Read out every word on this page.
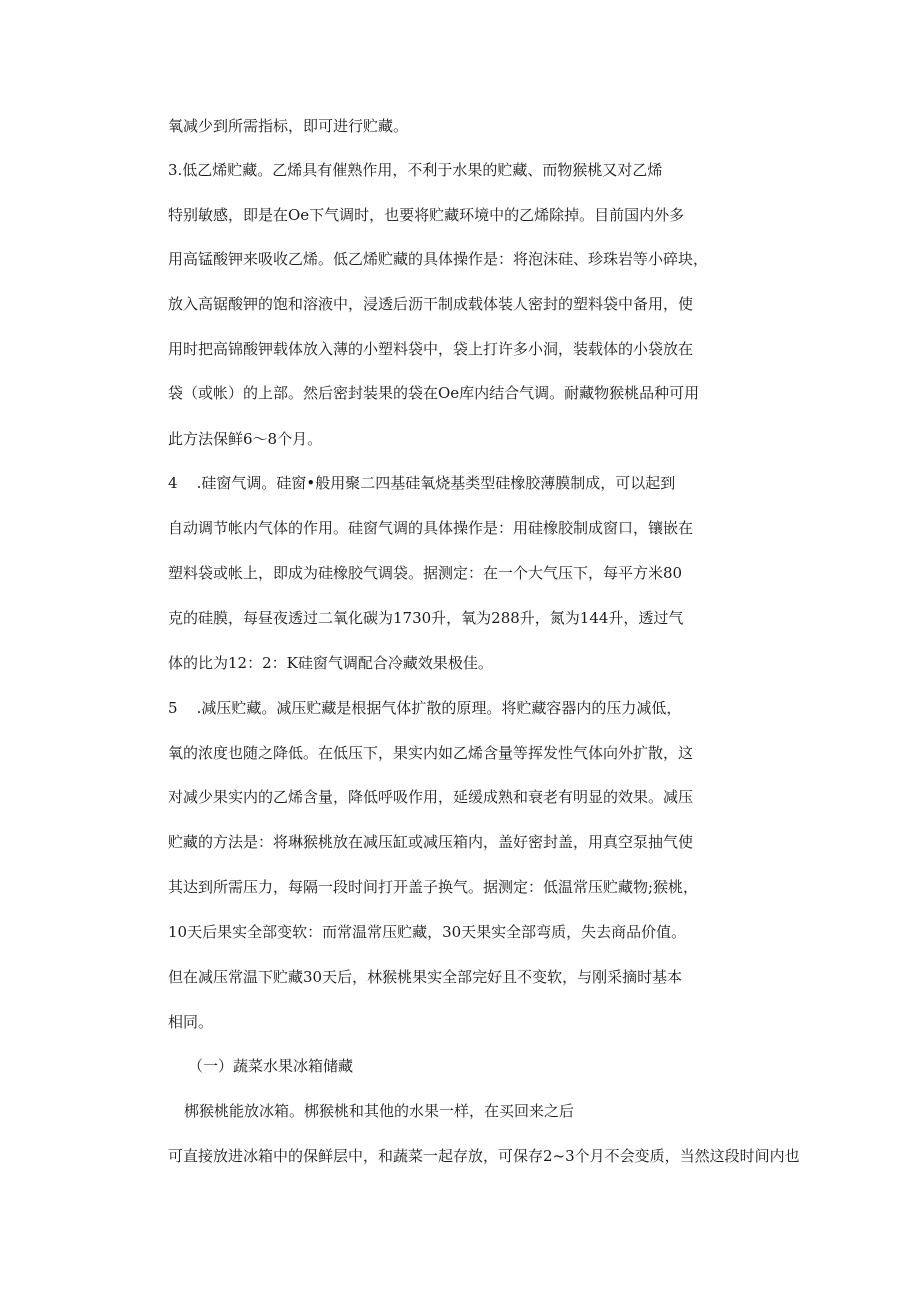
氧减少到所需指标，即可进行贮藏。
3.低乙烯贮藏。乙烯具有催熟作用，不利于水果的贮藏、而物猴桃又对乙烯
特别敏感，即是在Oe下气调时，也要将贮藏环境中的乙烯除掉。目前国内外多
用高锰酸钾来吸收乙烯。低乙烯贮藏的具体操作是：将泡沫硅、珍珠岩等小碎块，
放入高锯酸钾的饱和溶液中，浸透后沥干制成载体装人密封的塑料袋中备用，使
用时把高锦酸钾载体放入薄的小塑料袋中，袋上打许多小洞，装载体的小袋放在
袋（或帐）的上部。然后密封装果的袋在Oe库内结合气调。耐藏物猴桃品种可用
此方法保鲜6～8个月。
4    .硅窗气调。硅窗•般用聚二四基硅氧烧基类型硅橡胶薄膜制成，可以起到
自动调节帐内气体的作用。硅窗气调的具体操作是：用硅橡胶制成窗口，镶嵌在
塑料袋或帐上，即成为硅橡胶气调袋。据测定：在一个大气压下，每平方米80
克的硅膜，每昼夜透过二氧化碳为1730升，氧为288升，氮为144升，透过气
体的比为12：2：K硅窗气调配合冷藏效果极佳。
5    .减压贮藏。减压贮藏是根据气体扩散的原理。将贮藏容器内的压力减低，
氧的浓度也随之降低。在低压下，果实内如乙烯含量等挥发性气体向外扩散，这
对减少果实内的乙烯含量，降低呼吸作用，延缓成熟和衰老有明显的效果。减压
贮藏的方法是：将琳猴桃放在减压缸或减压箱内，盖好密封盖，用真空泵抽气使
其达到所需压力，每隔一段时间打开盖子换气。据测定：低温常压贮藏物;猴桃，
10天后果实全部变软：而常温常压贮藏，30天果实全部弯质，失去商品价值。
但在减压常温下贮藏30天后，林猴桃果实全部完好且不变软，与刚采摘时基本
相同。
（一）蔬菜水果冰箱储藏
梆猴桃能放冰箱。梆猴桃和其他的水果一样，在买回来之后
可直接放进冰箱中的保鲜层中，和蔬菜一起存放，可保存2~3个月不会变质，当然这段时间内也
